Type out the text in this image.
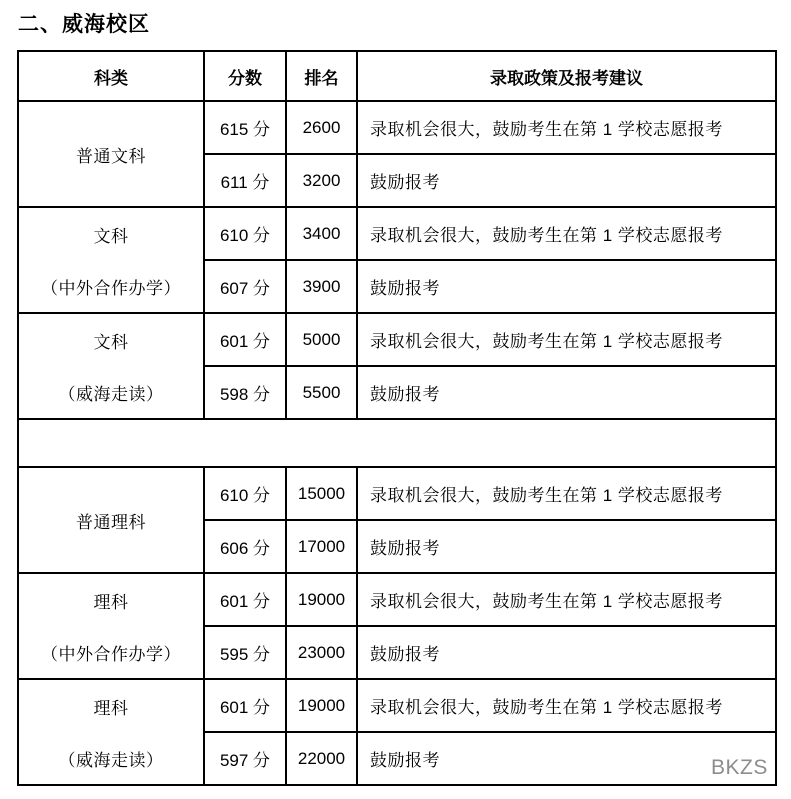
二、威海校区
科类	分数	排名	录取政策及报考建议

普通文科	615 分	2600	录取机会很大，鼓励考生在第 1 学校志愿报考
	611 分	3200	鼓励报考

文科
（中外合作办学）	610 分	3400	录取机会很大，鼓励考生在第 1 学校志愿报考
	607 分	3900	鼓励报考

文科
（威海走读）	601 分	5000	录取机会很大，鼓励考生在第 1 学校志愿报考
	598 分	5500	鼓励报考

普通理科	610 分	15000	录取机会很大，鼓励考生在第 1 学校志愿报考
	606 分	17000	鼓励报考

理科
（中外合作办学）	601 分	19000	录取机会很大，鼓励考生在第 1 学校志愿报考
	595 分	23000	鼓励报考

理科
（威海走读）	601 分	19000	录取机会很大，鼓励考生在第 1 学校志愿报考
	597 分	22000	鼓励报考	BKZS
